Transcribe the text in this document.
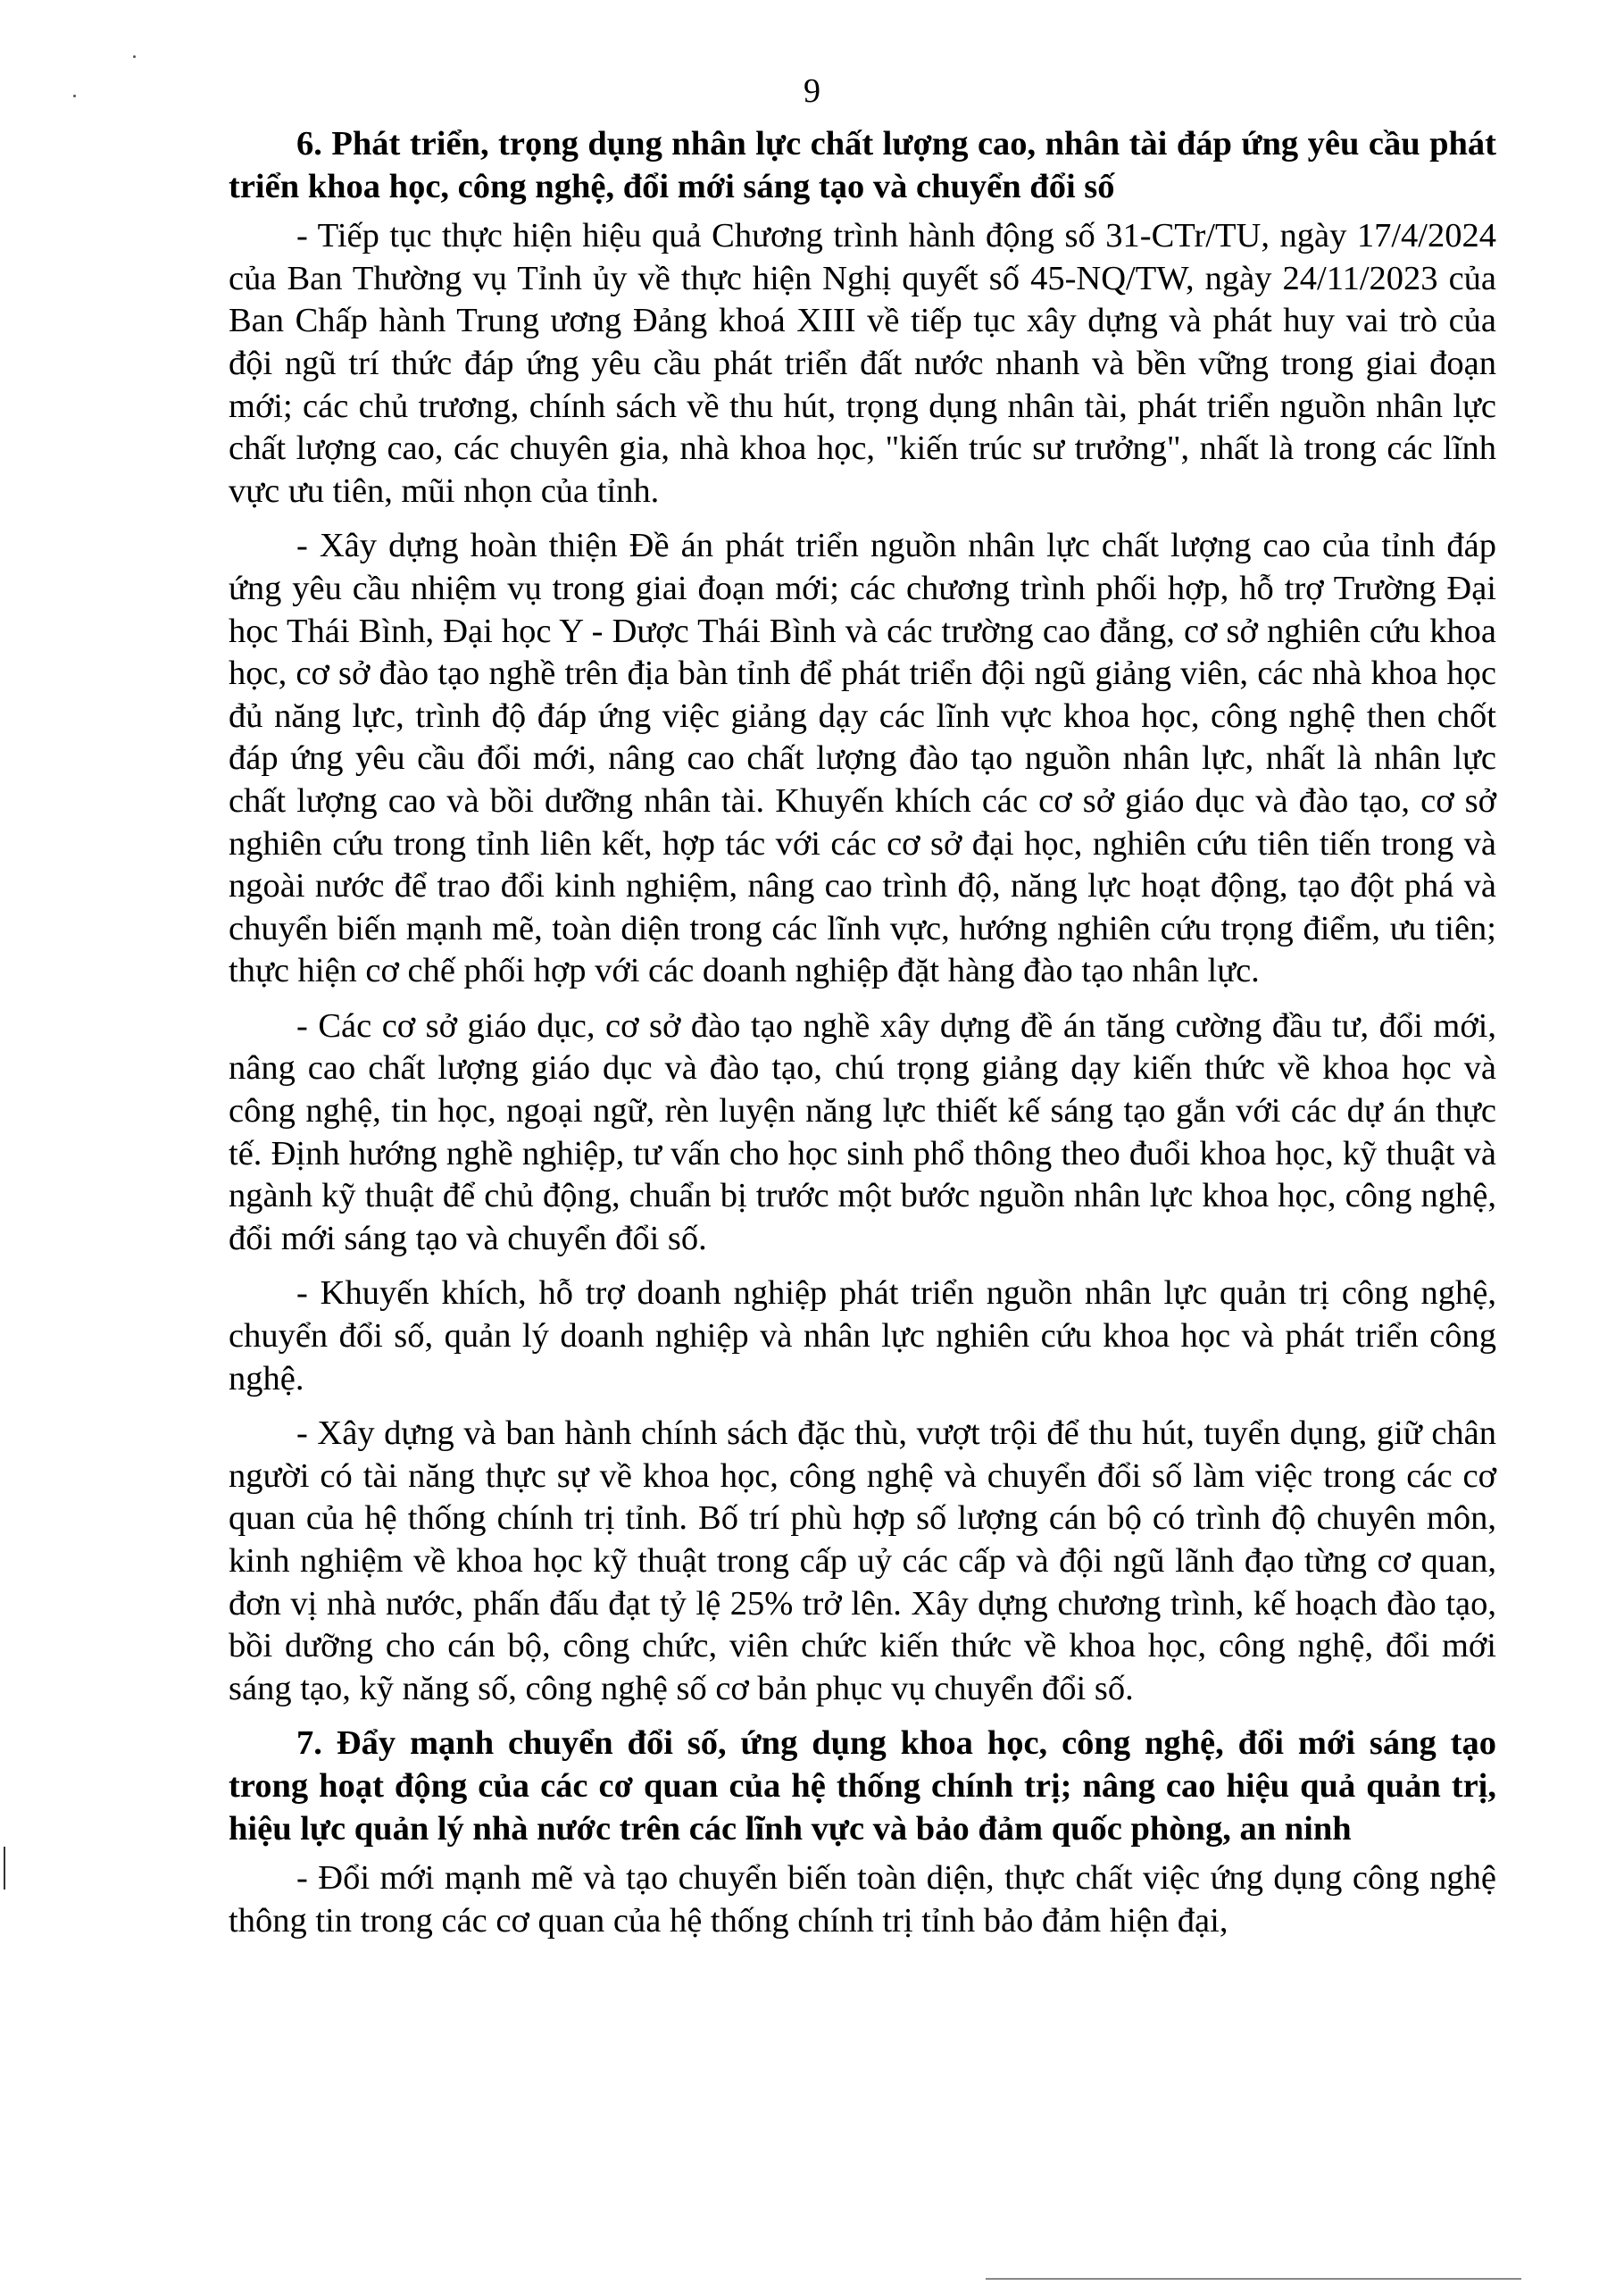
9

6. Phát triển, trọng dụng nhân lực chất lượng cao, nhân tài đáp ứng yêu cầu phát triển khoa học, công nghệ, đổi mới sáng tạo và chuyển đổi số

- Tiếp tục thực hiện hiệu quả Chương trình hành động số 31-CTr/TU, ngày 17/4/2024 của Ban Thường vụ Tỉnh ủy về thực hiện Nghị quyết số 45-NQ/TW, ngày 24/11/2023 của Ban Chấp hành Trung ương Đảng khoá XIII về tiếp tục xây dựng và phát huy vai trò của đội ngũ trí thức đáp ứng yêu cầu phát triển đất nước nhanh và bền vững trong giai đoạn mới; các chủ trương, chính sách về thu hút, trọng dụng nhân tài, phát triển nguồn nhân lực chất lượng cao, các chuyên gia, nhà khoa học, "kiến trúc sư trưởng", nhất là trong các lĩnh vực ưu tiên, mũi nhọn của tỉnh.

- Xây dựng hoàn thiện Đề án phát triển nguồn nhân lực chất lượng cao của tỉnh đáp ứng yêu cầu nhiệm vụ trong giai đoạn mới; các chương trình phối hợp, hỗ trợ Trường Đại học Thái Bình, Đại học Y - Dược Thái Bình và các trường cao đẳng, cơ sở nghiên cứu khoa học, cơ sở đào tạo nghề trên địa bàn tỉnh để phát triển đội ngũ giảng viên, các nhà khoa học đủ năng lực, trình độ đáp ứng việc giảng dạy các lĩnh vực khoa học, công nghệ then chốt đáp ứng yêu cầu đổi mới, nâng cao chất lượng đào tạo nguồn nhân lực, nhất là nhân lực chất lượng cao và bồi dưỡng nhân tài. Khuyến khích các cơ sở giáo dục và đào tạo, cơ sở nghiên cứu trong tỉnh liên kết, hợp tác với các cơ sở đại học, nghiên cứu tiên tiến trong và ngoài nước để trao đổi kinh nghiệm, nâng cao trình độ, năng lực hoạt động, tạo đột phá và chuyển biến mạnh mẽ, toàn diện trong các lĩnh vực, hướng nghiên cứu trọng điểm, ưu tiên; thực hiện cơ chế phối hợp với các doanh nghiệp đặt hàng đào tạo nhân lực.

- Các cơ sở giáo dục, cơ sở đào tạo nghề xây dựng đề án tăng cường đầu tư, đổi mới, nâng cao chất lượng giáo dục và đào tạo, chú trọng giảng dạy kiến thức về khoa học và công nghệ, tin học, ngoại ngữ, rèn luyện năng lực thiết kế sáng tạo gắn với các dự án thực tế. Định hướng nghề nghiệp, tư vấn cho học sinh phổ thông theo đuổi khoa học, kỹ thuật và ngành kỹ thuật để chủ động, chuẩn bị trước một bước nguồn nhân lực khoa học, công nghệ, đổi mới sáng tạo và chuyển đổi số.

- Khuyến khích, hỗ trợ doanh nghiệp phát triển nguồn nhân lực quản trị công nghệ, chuyển đổi số, quản lý doanh nghiệp và nhân lực nghiên cứu khoa học và phát triển công nghệ.

- Xây dựng và ban hành chính sách đặc thù, vượt trội để thu hút, tuyển dụng, giữ chân người có tài năng thực sự về khoa học, công nghệ và chuyển đổi số làm việc trong các cơ quan của hệ thống chính trị tỉnh. Bố trí phù hợp số lượng cán bộ có trình độ chuyên môn, kinh nghiệm về khoa học kỹ thuật trong cấp uỷ các cấp và đội ngũ lãnh đạo từng cơ quan, đơn vị nhà nước, phấn đấu đạt tỷ lệ 25% trở lên. Xây dựng chương trình, kế hoạch đào tạo, bồi dưỡng cho cán bộ, công chức, viên chức kiến thức về khoa học, công nghệ, đổi mới sáng tạo, kỹ năng số, công nghệ số cơ bản phục vụ chuyển đổi số.

7. Đẩy mạnh chuyển đổi số, ứng dụng khoa học, công nghệ, đổi mới sáng tạo trong hoạt động của các cơ quan của hệ thống chính trị; nâng cao hiệu quả quản trị, hiệu lực quản lý nhà nước trên các lĩnh vực và bảo đảm quốc phòng, an ninh

- Đổi mới mạnh mẽ và tạo chuyển biến toàn diện, thực chất việc ứng dụng công nghệ thông tin trong các cơ quan của hệ thống chính trị tỉnh bảo đảm hiện đại,
